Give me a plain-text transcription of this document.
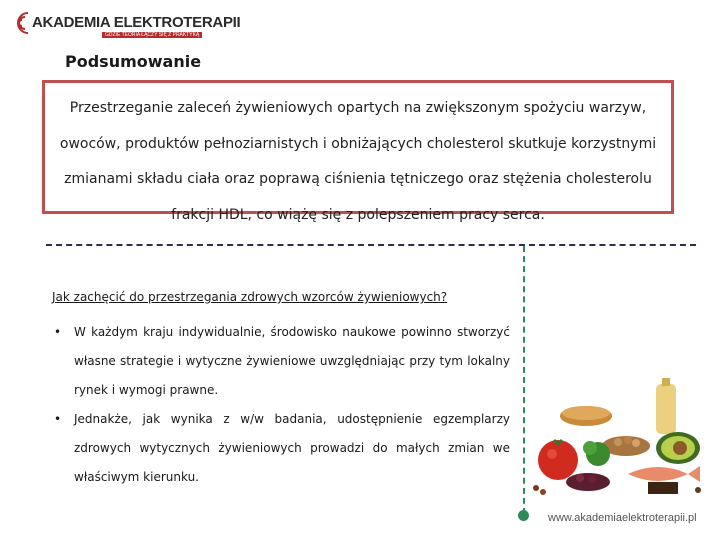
AKADEMIA ELEKTROTERAPII
GDZIE TEORIA ŁĄCZY SIĘ Z PRAKTYKĄ
Podsumowanie
Przestrzeganie zaleceń żywieniowych opartych na zwiększonym spożyciu warzyw, owoców, produktów pełnoziarnistych i obniżających cholesterol skutkuje korzystnymi zmianami składu ciała oraz poprawą ciśnienia tętniczego oraz stężenia cholesterolu frakcji HDL, co wiążę się z polepszeniem pracy serca.
Jak zachęcić do przestrzegania zdrowych wzorców żywieniowych?
• W każdym kraju indywidualnie, środowisko naukowe powinno stworzyć własne strategie i wytyczne żywieniowe uwzględniając przy tym lokalny rynek i wymogi prawne.
• Jednakże, jak wynika z w/w badania, udostępnienie egzemplarzy zdrowych wytycznych żywieniowych prowadzi do małych zmian we właściwym kierunku.
www.akademiaelektroterapii.pl
